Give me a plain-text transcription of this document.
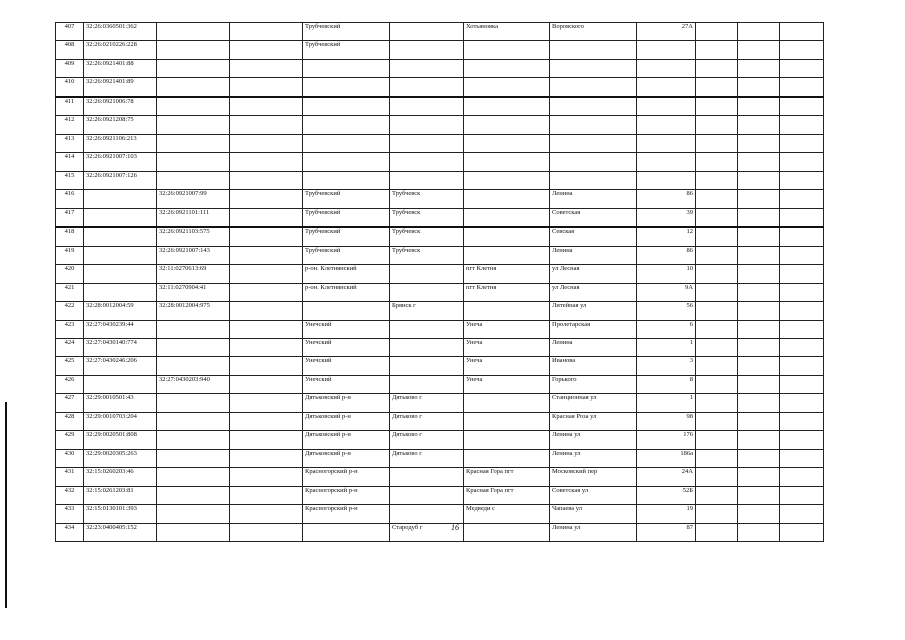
407	32:26:0360501:362			Трубчевский		Хотьяновка	Воровского	27А			
408	32:26:0210226:228			Трубчевский							
409	32:26:0921401:88										
410	32:26:0921401:89										
411	32:26:0921006:78										
412	32:26:0921208:75										
413	32:26:0921106:213										
414	32:26:0921007:103										
415	32:26:0921007:126										
416		32:26:0921007:99		Трубчевский	Трубчевск		Ленина	86			
417		32:26:0921101:111		Трубчевский	Трубчевск		Советская	39			
418		32:26:0921103:575		Трубчевский	Трубчевск		Севская	12			
419		32:26:0921007:143		Трубчевский	Трубчевск		Ленина	86			
420		32:11:0270613:69		р-он. Клетнянский		пгт Клетня	ул Лесная	10			
421		32:11:0270904:41		р-он. Клетнянский		пгт Клетня	ул Лесная	9А			
422	32:28:0012004:59	32:28:0012004:975			Брянск г		Литейная ул	56			
423	32:27:0430239:44			Унечский		Унеча	Пролетарская	6			
424	32:27:0430140:774			Унечский		Унеча	Ленина	1			
425	32:27:0430246:206			Унечский		Унеча	Иванова	3			
426		32:27:0430203:940		Унечский		Унеча	Горького	8			
427	32:29:0010501:43			Дятьковский р-н	Дятьково г		Станционная ул	1			
428	32:29:0010703:204			Дятьковский р-н	Дятьково г		Красная Роза ул	98			
429	32:29:0020501:808			Дятьковский р-н	Дятьково г		Ленина ул	176			
430	32:29:0020305:263			Дятьковский р-н	Дятьково г		Ленина ул	186а			
431	32:15:0260203:46			Красногорский р-н		Красная Гора пгт	Московский пер	24А			
432	32:15:0261203:81			Красногорский р-н		Красная Гора пгт	Советская ул	52Б			
433	32:15:0130101:393			Красногорский р-н		Медведи с	Чапаева ул	19			
434	32:23:0400405:152				Стародуб г		Ленина ул	87			
16
